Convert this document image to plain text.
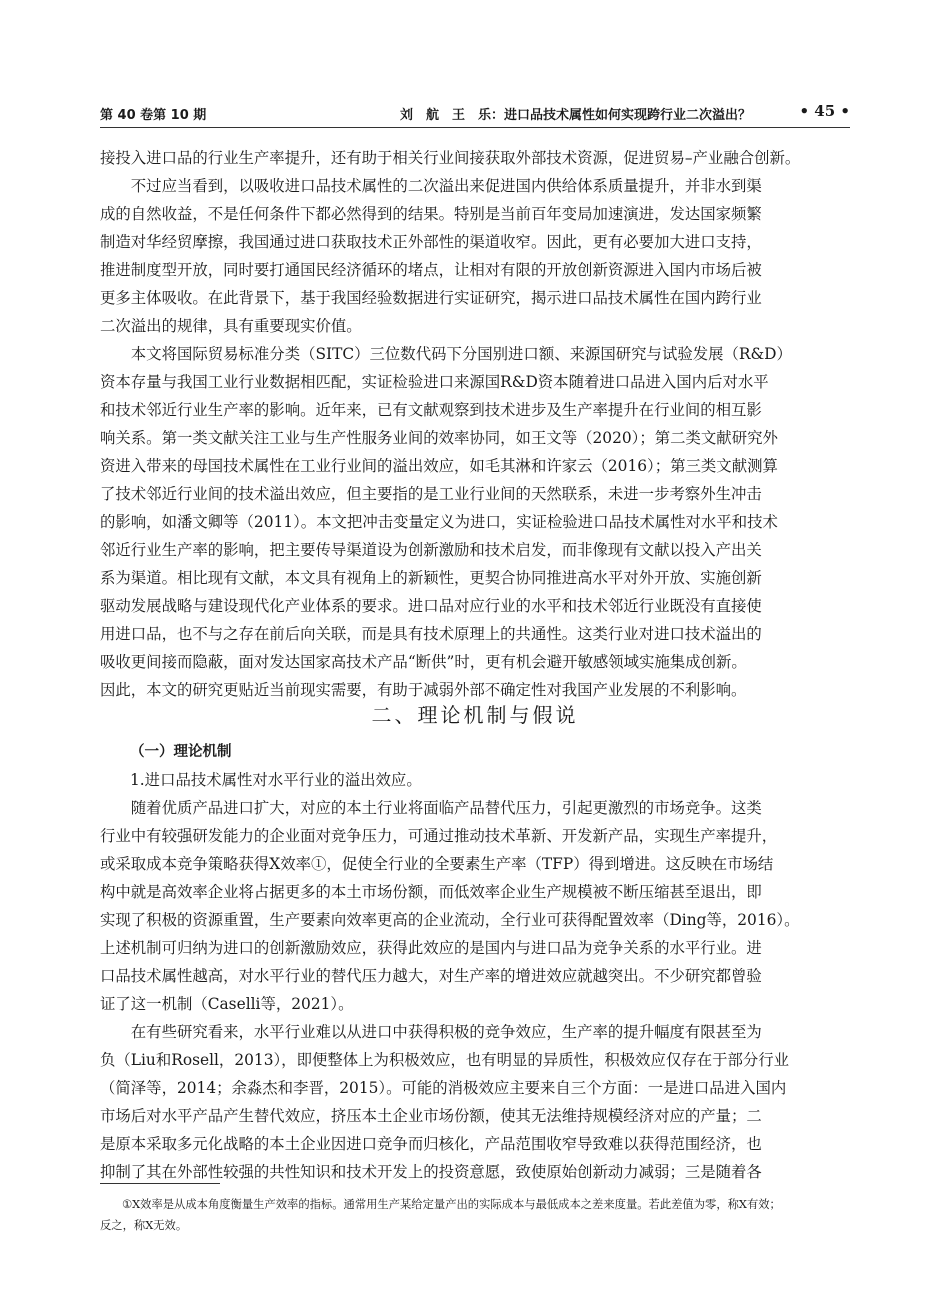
第 40 卷第 10 期	刘　航　王　乐：进口品技术属性如何实现跨行业二次溢出？	• 45 •
接投入进口品的行业生产率提升，还有助于相关行业间接获取外部技术资源，促进贸易–产业融合创新。
　　不过应当看到，以吸收进口品技术属性的二次溢出来促进国内供给体系质量提升，并非水到渠
成的自然收益，不是任何条件下都必然得到的结果。特别是当前百年变局加速演进，发达国家频繁
制造对华经贸摩擦，我国通过进口获取技术正外部性的渠道收窄。因此，更有必要加大进口支持，
推进制度型开放，同时要打通国民经济循环的堵点，让相对有限的开放创新资源进入国内市场后被
更多主体吸收。在此背景下，基于我国经验数据进行实证研究，揭示进口品技术属性在国内跨行业
二次溢出的规律，具有重要现实价值。
　　本文将国际贸易标准分类（SITC）三位数代码下分国别进口额、来源国研究与试验发展（R&D）
资本存量与我国工业行业数据相匹配，实证检验进口来源国R&D资本随着进口品进入国内后对水平
和技术邻近行业生产率的影响。近年来，已有文献观察到技术进步及生产率提升在行业间的相互影
响关系。第一类文献关注工业与生产性服务业间的效率协同，如王文等（2020）；第二类文献研究外
资进入带来的母国技术属性在工业行业间的溢出效应，如毛其淋和许家云（2016）；第三类文献测算
了技术邻近行业间的技术溢出效应，但主要指的是工业行业间的天然联系，未进一步考察外生冲击
的影响，如潘文卿等（2011）。本文把冲击变量定义为进口，实证检验进口品技术属性对水平和技术
邻近行业生产率的影响，把主要传导渠道设为创新激励和技术启发，而非像现有文献以投入产出关
系为渠道。相比现有文献，本文具有视角上的新颖性，更契合协同推进高水平对外开放、实施创新
驱动发展战略与建设现代化产业体系的要求。进口品对应行业的水平和技术邻近行业既没有直接使
用进口品，也不与之存在前后向关联，而是具有技术原理上的共通性。这类行业对进口技术溢出的
吸收更间接而隐蔽，面对发达国家高技术产品“断供”时，更有机会避开敏感领域实施集成创新。
因此，本文的研究更贴近当前现实需要，有助于减弱外部不确定性对我国产业发展的不利影响。
二、理论机制与假说
（一）理论机制
1.进口品技术属性对水平行业的溢出效应。
　　随着优质产品进口扩大，对应的本土行业将面临产品替代压力，引起更激烈的市场竞争。这类
行业中有较强研发能力的企业面对竞争压力，可通过推动技术革新、开发新产品，实现生产率提升，
或采取成本竞争策略获得X效率①，促使全行业的全要素生产率（TFP）得到增进。这反映在市场结
构中就是高效率企业将占据更多的本土市场份额，而低效率企业生产规模被不断压缩甚至退出，即
实现了积极的资源重置，生产要素向效率更高的企业流动，全行业可获得配置效率（Ding等，2016）。
上述机制可归纳为进口的创新激励效应，获得此效应的是国内与进口品为竞争关系的水平行业。进
口品技术属性越高，对水平行业的替代压力越大，对生产率的增进效应就越突出。不少研究都曾验
证了这一机制（Caselli等，2021）。
　　在有些研究看来，水平行业难以从进口中获得积极的竞争效应，生产率的提升幅度有限甚至为
负（Liu和Rosell，2013），即便整体上为积极效应，也有明显的异质性，积极效应仅存在于部分行业
（简泽等，2014；余淼杰和李晋，2015）。可能的消极效应主要来自三个方面：一是进口品进入国内
市场后对水平产品产生替代效应，挤压本土企业市场份额，使其无法维持规模经济对应的产量；二
是原本采取多元化战略的本土企业因进口竞争而归核化，产品范围收窄导致难以获得范围经济，也
抑制了其在外部性较强的共性知识和技术开发上的投资意愿，致使原始创新动力减弱；三是随着各
①X效率是从成本角度衡量生产效率的指标。通常用生产某给定量产出的实际成本与最低成本之差来度量。若此差值为零，称X有效；
反之，称X无效。
